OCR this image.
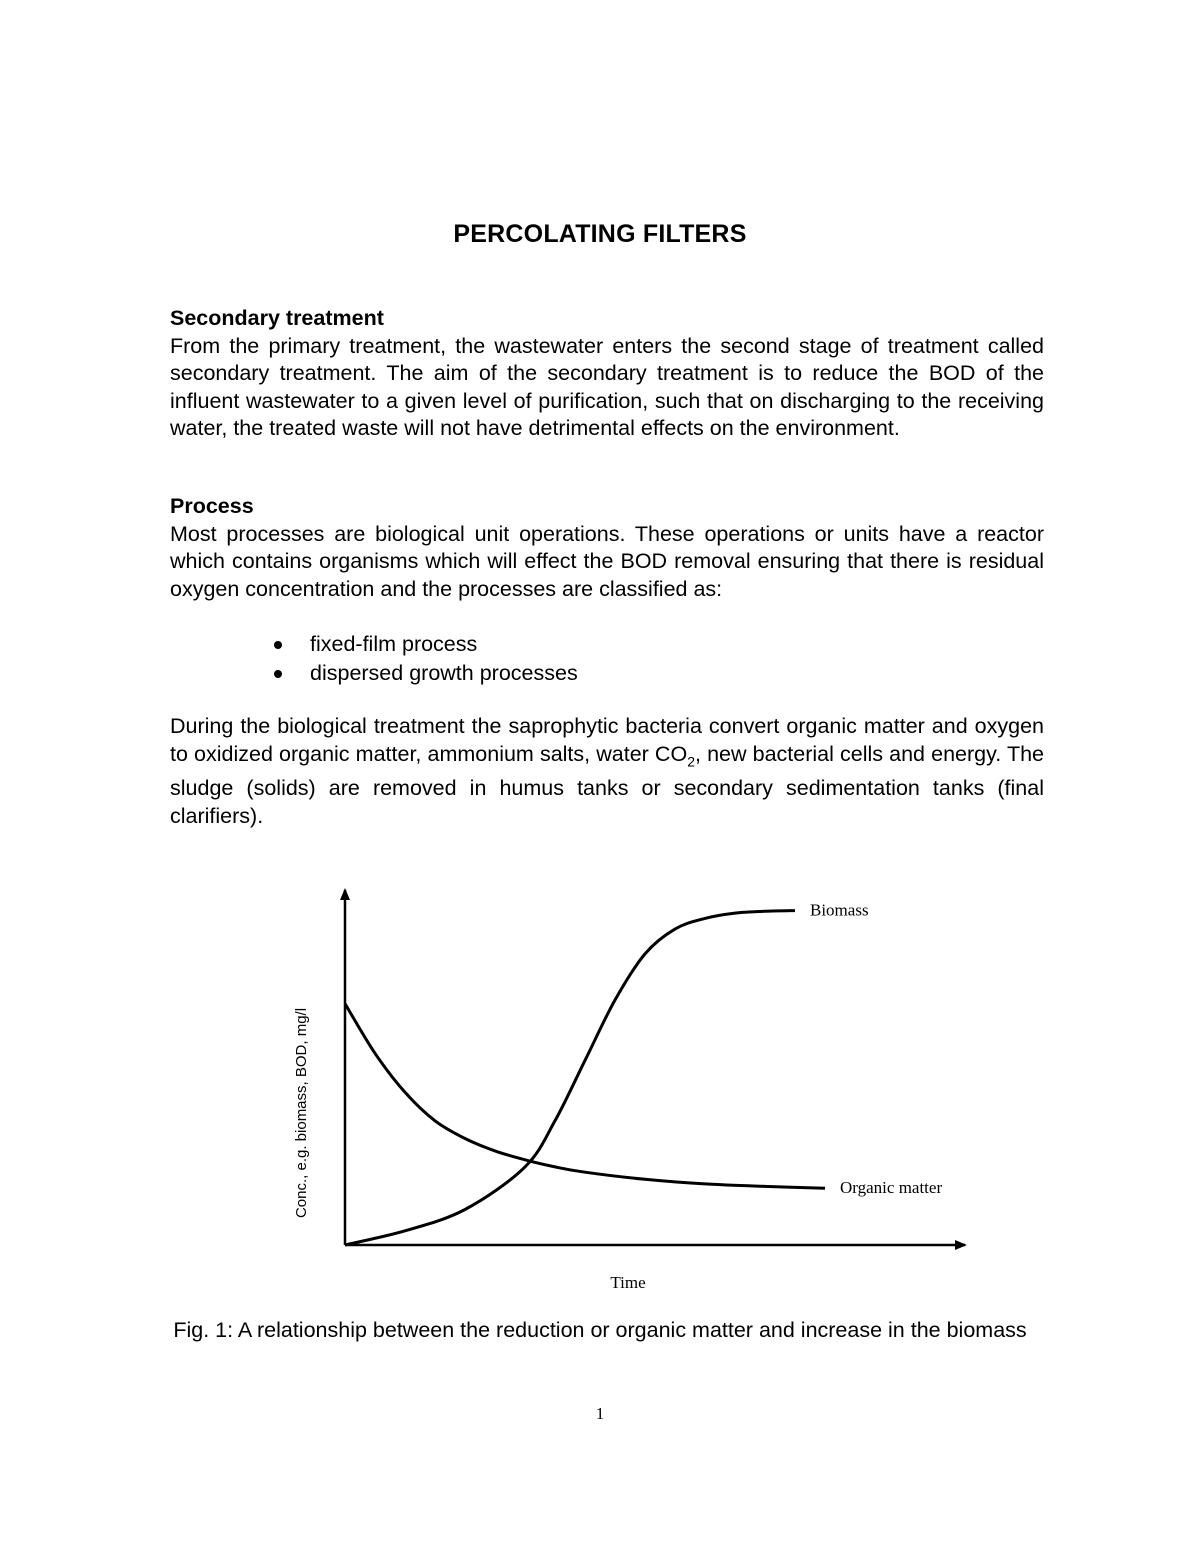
PERCOLATING FILTERS
Secondary treatment
From the primary treatment, the wastewater enters the second stage of treatment called secondary treatment. The aim of the secondary treatment is to reduce the BOD of the influent wastewater to a given level of purification, such that on discharging to the receiving water, the treated waste will not have detrimental effects on the environment.
Process
Most processes are biological unit operations. These operations or units have a reactor which contains organisms which will effect the BOD removal ensuring that there is residual oxygen concentration and the processes are classified as:
fixed-film process
dispersed growth processes
During the biological treatment the saprophytic bacteria convert organic matter and oxygen to oxidized organic matter, ammonium salts, water $CO_2$, new bacterial cells and energy. The sludge (solids) are removed in humus tanks or secondary sedimentation tanks (final clarifiers).
Conc., e.g. biomass, BOD, mg/l
Time
Biomass
Organic matter
Fig. 1: A relationship between the reduction or organic matter and increase in the biomass
1
